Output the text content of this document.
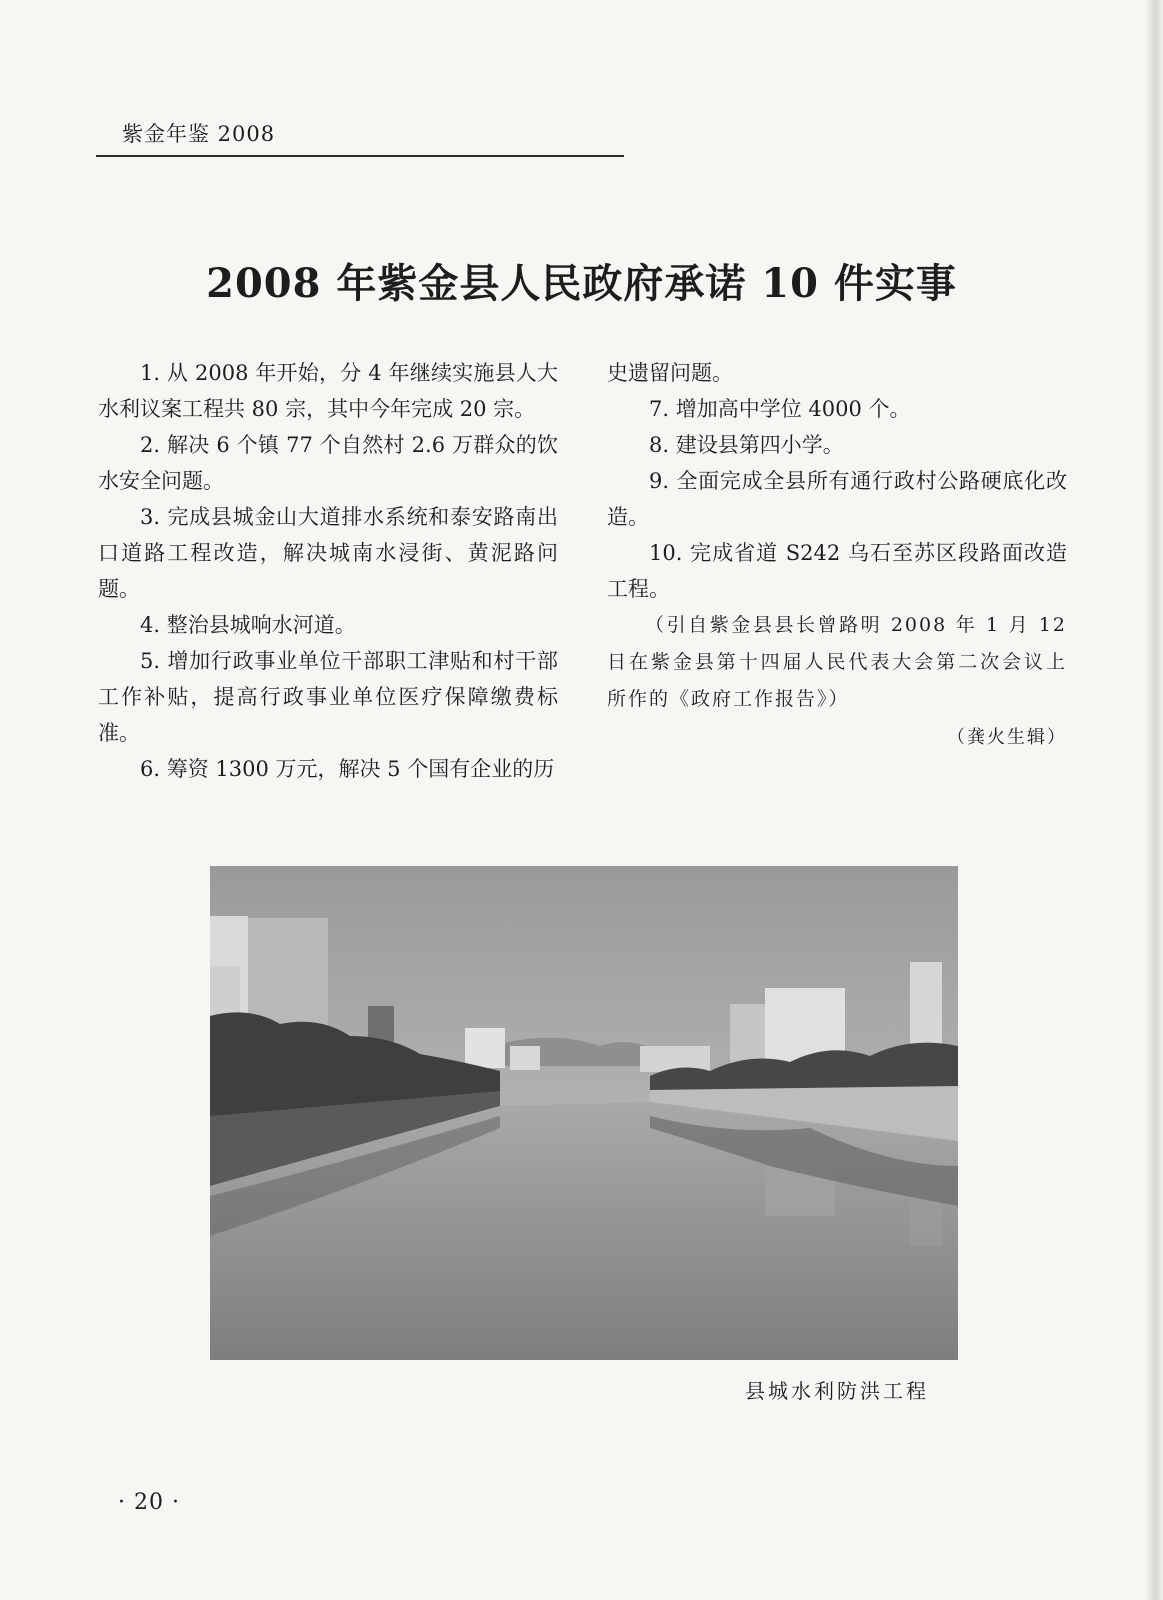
紫金年鉴 2008
2008 年紫金县人民政府承诺 10 件实事

1. 从 2008 年开始，分 4 年继续实施县人大水利议案工程共 80 宗，其中今年完成 20 宗。

2. 解决 6 个镇 77 个自然村 2.6 万群众的饮水安全问题。

3. 完成县城金山大道排水系统和泰安路南出口道路工程改造，解决城南水浸街、黄泥路问题。

4. 整治县城响水河道。

5. 增加行政事业单位干部职工津贴和村干部工作补贴，提高行政事业单位医疗保障缴费标准。

6. 筹资 1300 万元，解决 5 个国有企业的历

史遗留问题。

7. 增加高中学位 4000 个。

8. 建设县第四小学。

9. 全面完成全县所有通行政村公路硬底化改造。

10. 完成省道 S242 乌石至苏区段路面改造工程。

（引自紫金县县长曾路明 2008 年 1 月 12 日在紫金县第十四届人民代表大会第二次会议上所作的《政府工作报告》）

（龚火生辑）

县城水利防洪工程
· 20 ·
